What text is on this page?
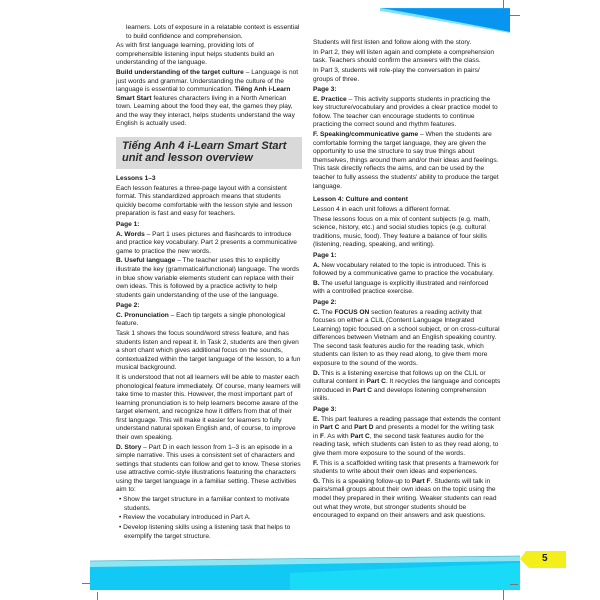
5

learners. Lots of exposure in a relatable context is essential to build confidence and comprehension.

As with first language learning, providing lots of comprehensible listening input helps students build an understanding of the language.

Build understanding of the target culture – Language is not just words and grammar. Understanding the culture of the language is essential to communication. Tiếng Anh i-Learn Smart Start features characters living in a North American town. Learning about the food they eat, the games they play, and the way they interact, helps students understand the way English is actually used.

Tiếng Anh 4 i-Learn Smart Start unit and lesson overview

Lessons 1–3

Each lesson features a three-page layout with a consistent format. This standardized approach means that students quickly become comfortable with the lesson style and lesson preparation is fast and easy for teachers.

Page 1:

A. Words – Part 1 uses pictures and flashcards to introduce and practice key vocabulary. Part 2 presents a communicative game to practice the new words.

B. Useful language – The teacher uses this to explicitly illustrate the key (grammatical/functional) language. The words in blue show variable elements student can replace with their own ideas. This is followed by a practice activity to help students gain understanding of the use of the language.

Page 2:

C. Pronunciation – Each tip targets a single phonological feature.

Task 1 shows the focus sound/word stress feature, and has students listen and repeat it. In Task 2, students are then given a short chant which gives additional focus on the sounds, contextualized within the target language of the lesson, to a fun musical background.

It is understood that not all learners will be able to master each phonological feature immediately. Of course, many learners will take time to master this. However, the most important part of learning pronunciation is to help learners become aware of the target element, and recognize how it differs from that of their first language. This will make it easier for learners to fully understand natural spoken English and, of course, to improve their own speaking.

D. Story – Part D in each lesson from 1–3 is an episode in a simple narrative. This uses a consistent set of characters and settings that students can follow and get to know. These stories use attractive comic-style illustrations featuring the characters using the target language in a familiar setting. These activities aim to:

• Show the target structure in a familiar context to motivate students.

• Review the vocabulary introduced in Part A.

• Develop listening skills using a listening task that helps to exemplify the target structure.

Students will first listen and follow along with the story.

In Part 2, they will listen again and complete a comprehension task. Teachers should confirm the answers with the class.

In Part 3, students will role-play the conversation in pairs/ groups of three.

Page 3:

E. Practice – This activity supports students in practicing the key structure/vocabulary and provides a clear practice model to follow. The teacher can encourage students to continue practicing the correct sound and rhythm features.

F. Speaking/communicative game – When the students are comfortable forming the target language, they are given the opportunity to use the structure to say true things about themselves, things around them and/or their ideas and feelings. This task directly reflects the aims, and can be used by the teacher to fully assess the students' ability to produce the target language.

Lesson 4: Culture and content

Lesson 4 in each unit follows a different format.

These lessons focus on a mix of content subjects (e.g. math, science, history, etc.) and social studies topics (e.g. cultural traditions, music, food). They feature a balance of four skills (listening, reading, speaking, and writing).

Page 1:

A. New vocabulary related to the topic is introduced. This is followed by a communicative game to practice the vocabulary.

B. The useful language is explicitly illustrated and reinforced with a controlled practice exercise.

Page 2:

C. The FOCUS ON section features a reading activity that focuses on either a CLIL (Content Language Integrated Learning) topic focused on a school subject, or on cross-cultural differences between Vietnam and an English speaking country. The second task features audio for the reading task, which students can listen to as they read along, to give them more exposure to the sound of the words.

D. This is a listening exercise that follows up on the CLIL or cultural content in Part C. It recycles the language and concepts introduced in Part C and develops listening comprehension skills.

Page 3:

E. This part features a reading passage that extends the content in Part C and Part D and presents a model for the writing task in F. As with Part C, the second task features audio for the reading task, which students can listen to as they read along, to give them more exposure to the sound of the words.

F. This is a scaffolded writing task that presents a framework for students to write about their own ideas and experiences.

G. This is a speaking follow-up to Part F. Students will talk in pairs/small groups about their own ideas on the topic using the model they prepared in their writing. Weaker students can read out what they wrote, but stronger students should be encouraged to expand on their answers and ask questions.
